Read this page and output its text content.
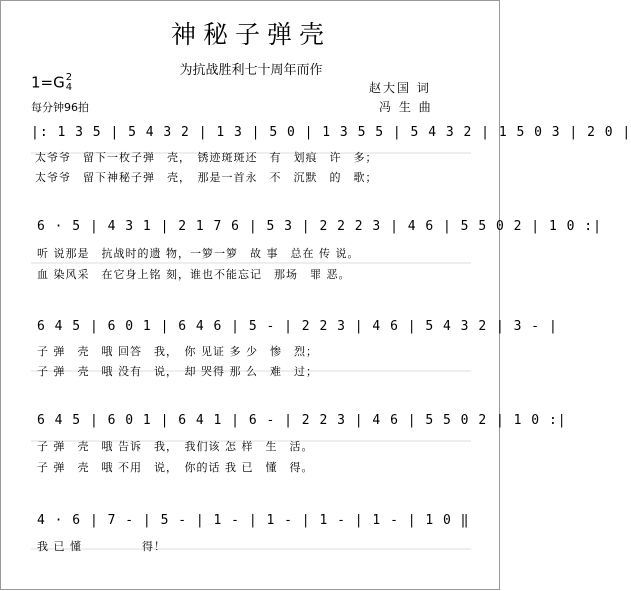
神秘子弹壳
为抗战胜利七十周年而作
1=G2
4
每分钟96拍
赵大国 词
冯 生 曲
|: 1 3 5 | 5 4 3 2 | 1 3 | 5 0 | 1 3 5 5 | 5 4 3 2 | 1 5 0 3 | 2 0 |
太爷爷　留下一枚子弹　壳，　锈迹斑斑还　有　划痕　许　多；
太爷爷　留下神秘子弹　壳，　那是一首永　不　沉默　的　歌；
6 · 5 | 4 3 1 | 2 1 7 6 | 5 3 | 2 2 2 3 | 4 6 | 5 5 0 2 | 1 0 :|
听 说那是　抗战时的遗 物，一箩一箩　故 事　总在 传 说。
血 染风采　在它身上铭 刻，谁也不能忘记　那场　罪 恶。
6 4 5 | 6 0 1 | 6 4 6 | 5 - | 2 2 3 | 4 6 | 5 4 3 2 | 3 - |
子 弹　壳　哦 回答　我，　你 见证 多 少　惨　烈；
子 弹　壳　哦 没有　说，　却 哭得 那 么　难　过；
6 4 5 | 6 0 1 | 6 4 1 | 6 - | 2 2 3 | 4 6 | 5 5 0 2 | 1 0 :|
子 弹　壳　哦 告诉　我，　我们该 怎 样　生　活。
子 弹　壳　哦 不用　说，　你的话 我 已　懂　得。
4 · 6 | 7 - | 5 - | 1 - | 1 - | 1 - | 1 - | 1 0 ‖
我 已 懂　　　　　得！
